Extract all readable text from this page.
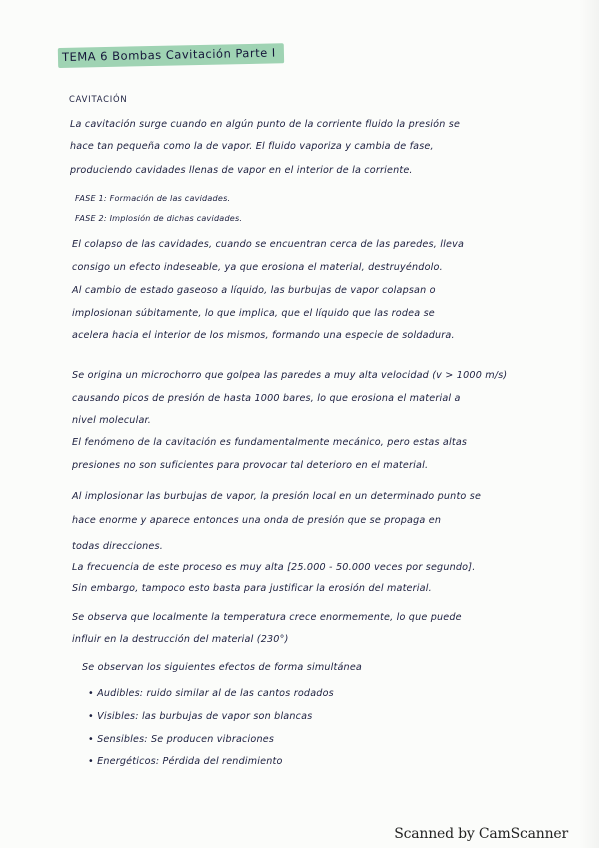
TEMA 6 Bombas Cavitación Parte I
CAVITACIÓN
La cavitación surge cuando en algún punto de la corriente fluido la presión se
hace tan pequeña como la de vapor. El fluido vaporiza y cambia de fase,
produciendo cavidades llenas de vapor en el interior de la corriente.
FASE 1: Formación de las cavidades.
FASE 2: Implosión de dichas cavidades.
El colapso de las cavidades, cuando se encuentran cerca de las paredes, lleva
consigo un efecto indeseable, ya que erosiona el material, destruyéndolo.
Al cambio de estado gaseoso a líquido, las burbujas de vapor colapsan o
implosionan súbitamente, lo que implica, que el líquido que las rodea se
acelera hacia el interior de los mismos, formando una especie de soldadura.
Se origina un microchorro que golpea las paredes a muy alta velocidad (v > 1000 m/s)
causando picos de presión de hasta 1000 bares, lo que erosiona el material a
nivel molecular.
El fenómeno de la cavitación es fundamentalmente mecánico, pero estas altas
presiones no son suficientes para provocar tal deterioro en el material.
Al implosionar las burbujas de vapor, la presión local en un determinado punto se
hace enorme y aparece entonces una onda de presión que se propaga en
todas direcciones.
La frecuencia de este proceso es muy alta [25.000 - 50.000 veces por segundo].
Sin embargo, tampoco esto basta para justificar la erosión del material.
Se observa que localmente la temperatura crece enormemente, lo que puede
influir en la destrucción del material (230°)
Se observan los siguientes efectos de forma simultánea
• Audibles: ruido similar al de las cantos rodados
• Visibles: las burbujas de vapor son blancas
• Sensibles: Se producen vibraciones
• Energéticos: Pérdida del rendimiento
Scanned by CamScanner
